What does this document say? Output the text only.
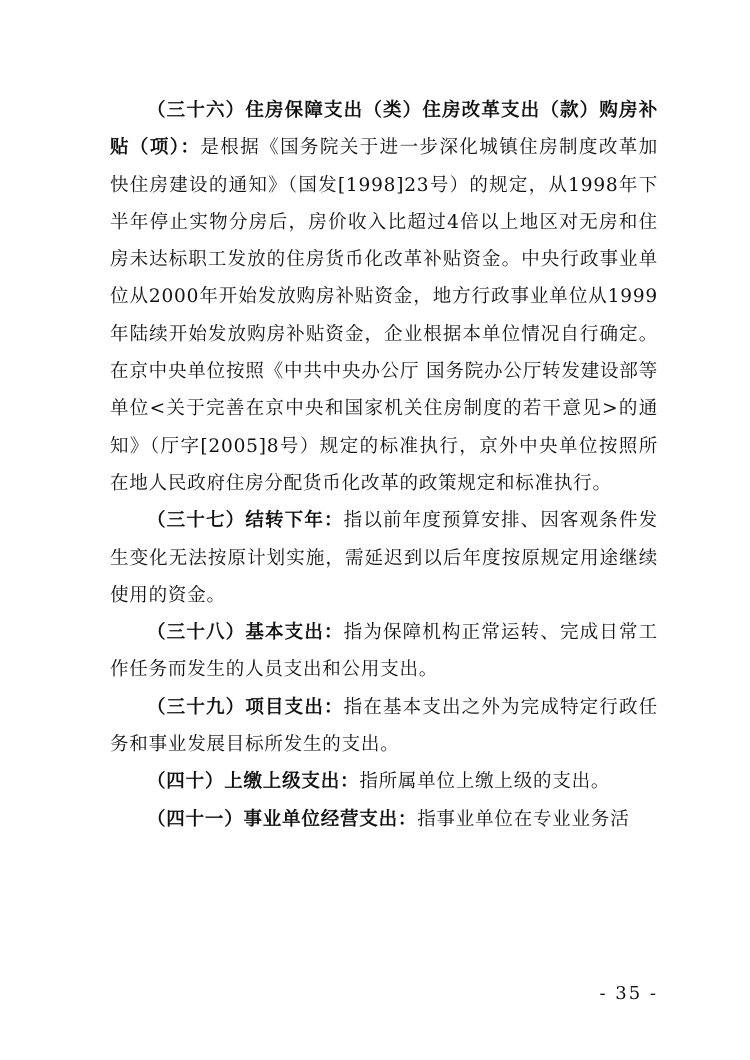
（三十六）住房保障支出（类）住房改革支出（款）购房补贴（项）：是根据《国务院关于进一步深化城镇住房制度改革加快住房建设的通知》（国发[1998]23号）的规定，从1998年下半年停止实物分房后，房价收入比超过4倍以上地区对无房和住房未达标职工发放的住房货币化改革补贴资金。中央行政事业单位从2000年开始发放购房补贴资金，地方行政事业单位从1999年陆续开始发放购房补贴资金，企业根据本单位情况自行确定。在京中央单位按照《中共中央办公厅 国务院办公厅转发建设部等单位<关于完善在京中央和国家机关住房制度的若干意见>的通知》（厅字[2005]8号）规定的标准执行，京外中央单位按照所在地人民政府住房分配货币化改革的政策规定和标准执行。

（三十七）结转下年：指以前年度预算安排、因客观条件发生变化无法按原计划实施，需延迟到以后年度按原规定用途继续使用的资金。

（三十八）基本支出：指为保障机构正常运转、完成日常工作任务而发生的人员支出和公用支出。

（三十九）项目支出：指在基本支出之外为完成特定行政任务和事业发展目标所发生的支出。

（四十）上缴上级支出：指所属单位上缴上级的支出。

（四十一）事业单位经营支出：指事业单位在专业业务活

- 35 -
